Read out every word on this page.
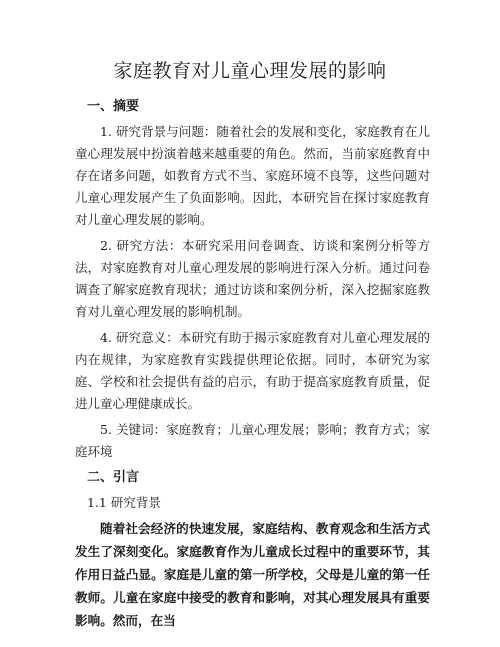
家庭教育对儿童心理发展的影响
一、摘要

1. 研究背景与问题：随着社会的发展和变化，家庭教育在儿童心理发展中扮演着越来越重要的角色。然而，当前家庭教育中存在诸多问题，如教育方式不当、家庭环境不良等，这些问题对儿童心理发展产生了负面影响。因此，本研究旨在探讨家庭教育对儿童心理发展的影响。

2. 研究方法：本研究采用问卷调查、访谈和案例分析等方法，对家庭教育对儿童心理发展的影响进行深入分析。通过问卷调查了解家庭教育现状；通过访谈和案例分析，深入挖掘家庭教育对儿童心理发展的影响机制。

4. 研究意义：本研究有助于揭示家庭教育对儿童心理发展的内在规律，为家庭教育实践提供理论依据。同时，本研究为家庭、学校和社会提供有益的启示，有助于提高家庭教育质量，促进儿童心理健康成长。

5. 关键词：家庭教育；儿童心理发展；影响；教育方式；家庭环境

二、引言
1.1 研究背景

随着社会经济的快速发展，家庭结构、教育观念和生活方式发生了深刻变化。家庭教育作为儿童成长过程中的重要环节，其作用日益凸显。家庭是儿童的第一所学校，父母是儿童的第一任教师。儿童在家庭中接受的教育和影响，对其心理发展具有重要影响。然而，在当
